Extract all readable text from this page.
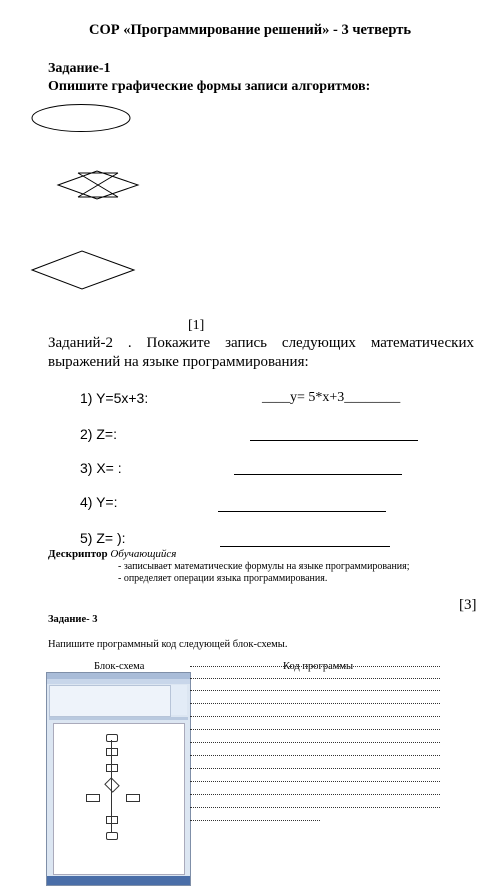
СОР «Программирование решений» - 3 четверть
Задание-1
Опишите графические формы записи алгоритмов:
[1]
Заданий-2 . Покажите запись следующих математических
выражений на языке программирования:
1) Y=5x+3:	____y= 5*x+3________
2) Z=:
3) X= :
4) Y=:
5) Z= ):
Дескриптор Обучающийся
- записывает математические формулы на языке программирования;
- определяет операции языка программирования.
[3]
Задание- 3
Напишите программный код следующей блок-схемы.
Блок-схема	Код программы
